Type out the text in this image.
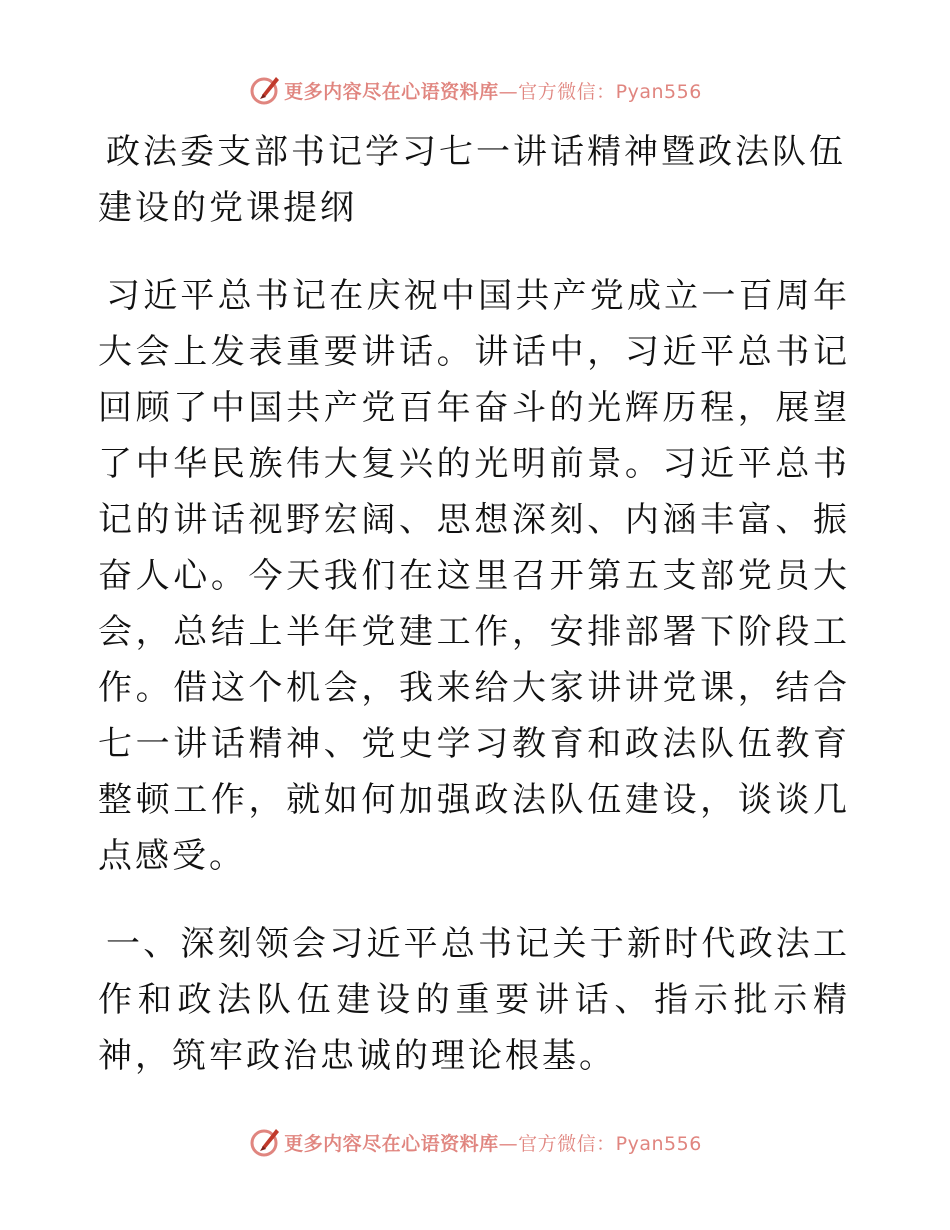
更多内容尽在心语资料库—官方微信：Pyan556
政法委支部书记学习七一讲话精神暨政法队伍建设的党课提纲

习近平总书记在庆祝中国共产党成立一百周年大会上发表重要讲话。讲话中，习近平总书记回顾了中国共产党百年奋斗的光辉历程，展望了中华民族伟大复兴的光明前景。习近平总书记的讲话视野宏阔、思想深刻、内涵丰富、振奋人心。今天我们在这里召开第五支部党员大会，总结上半年党建工作，安排部署下阶段工作。借这个机会，我来给大家讲讲党课，结合七一讲话精神、党史学习教育和政法队伍教育整顿工作，就如何加强政法队伍建设，谈谈几点感受。

一、深刻领会习近平总书记关于新时代政法工作和政法队伍建设的重要讲话、指示批示精神，筑牢政治忠诚的理论根基。

更多内容尽在心语资料库—官方微信：Pyan556
